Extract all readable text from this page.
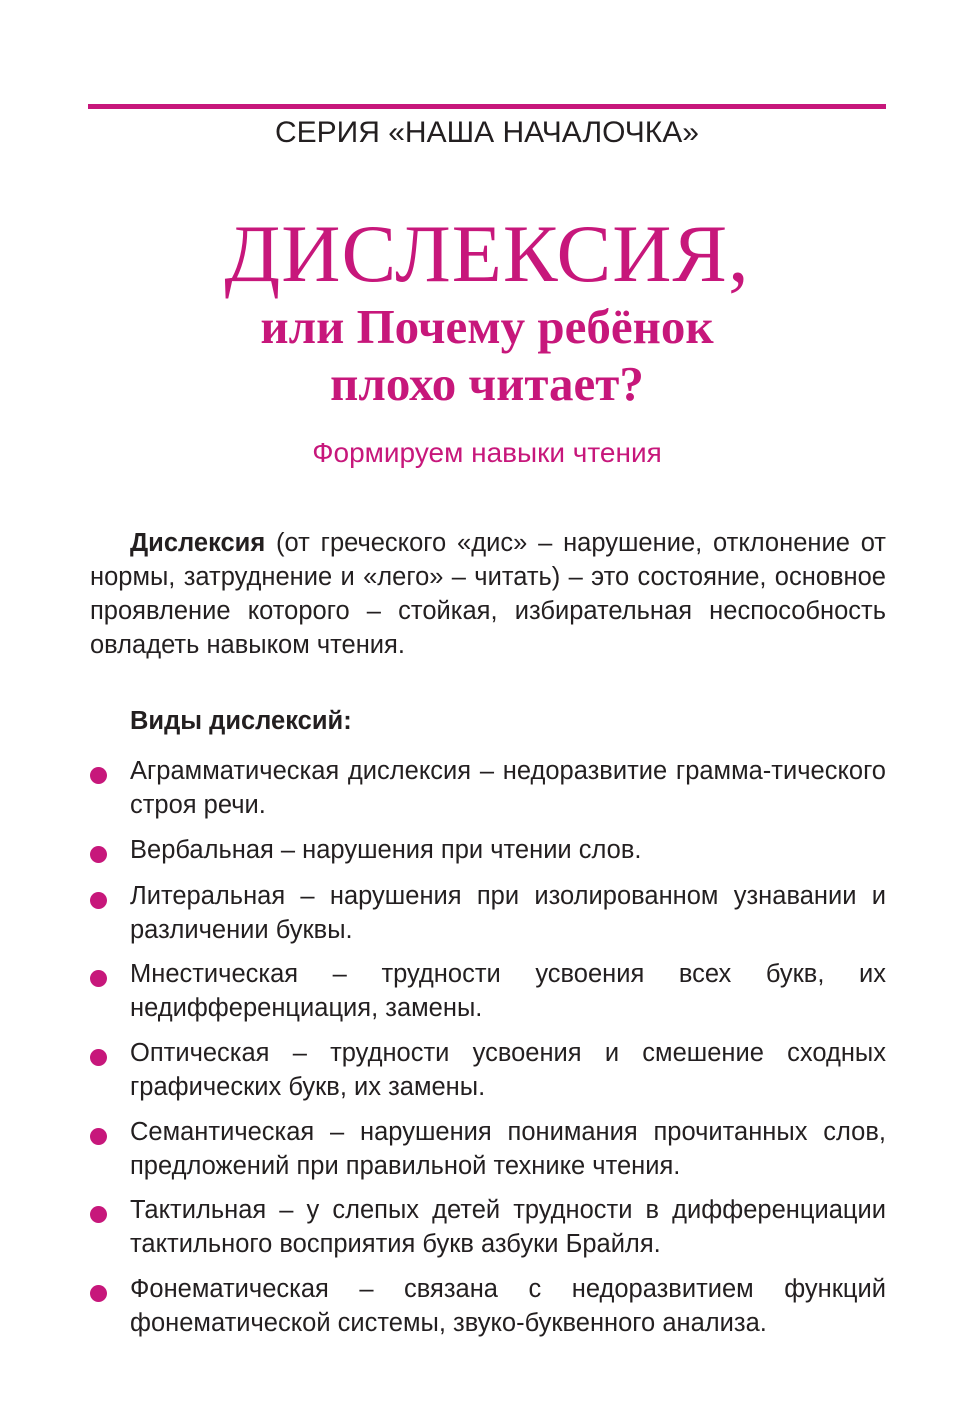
СЕРИЯ «НАША НАЧАЛОЧКА»
ДИСЛЕКСИЯ,
или Почему ребёнок
плохо читает?
Формируем навыки чтения

Дислексия (от греческого «дис» – нарушение, отклонение от нормы, затруднение и «лего» – читать) – это состояние, основное проявление которого – стойкая, избирательная неспособность овладеть навыком чтения.

Виды дислексий:
Аграмматическая дислексия – недоразвитие грамма-тического строя речи.
Вербальная – нарушения при чтении слов.
Литеральная – нарушения при изолированном узнавании и различении буквы.
Мнестическая – трудности усвоения всех букв, их недифференциация, замены.
Оптическая – трудности усвоения и смешение сходных графических букв, их замены.
Семантическая – нарушения понимания прочитанных слов, предложений при правильной технике чтения.
Тактильная – у слепых детей трудности в дифференциации тактильного восприятия букв азбуки Брайля.
Фонематическая – связана с недоразвитием функций фонематической системы, звуко-буквенного анализа.
